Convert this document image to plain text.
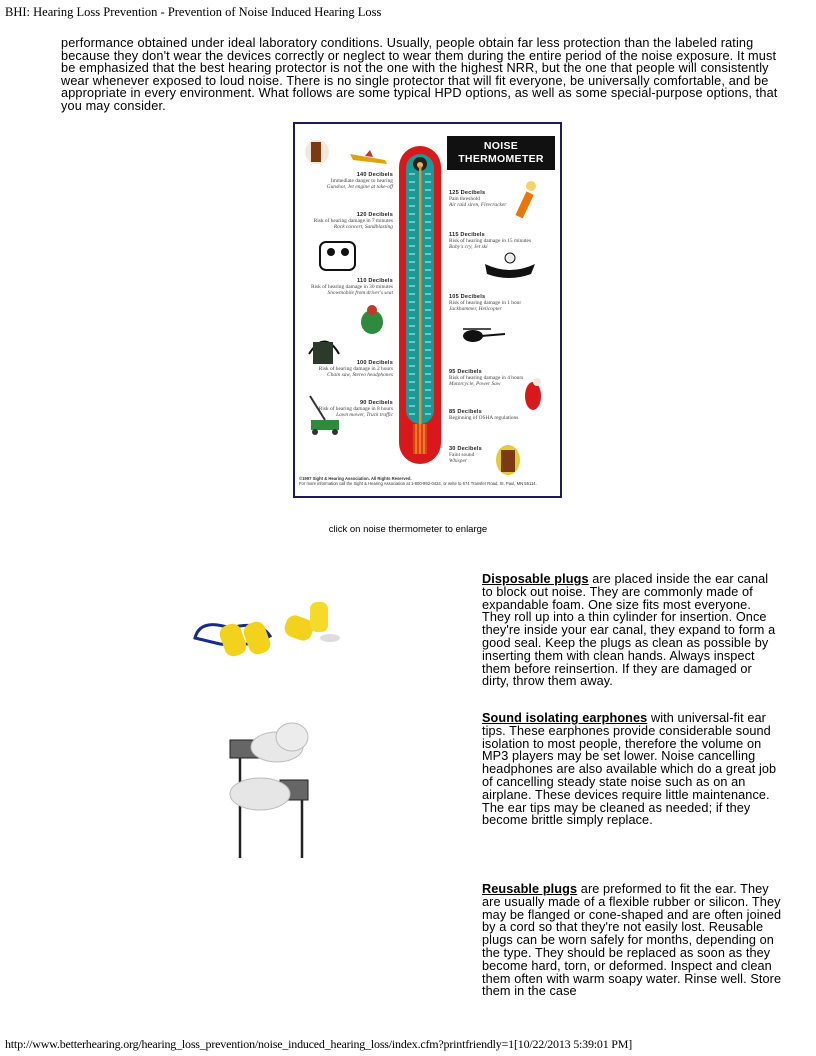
BHI: Hearing Loss Prevention - Prevention of Noise Induced Hearing Loss
performance obtained under ideal laboratory conditions. Usually, people obtain far less protection than the labeled rating because they don't wear the devices correctly or neglect to wear them during the entire period of the noise exposure. It must be emphasized that the best hearing protector is not the one with the highest NRR, but the one that people will consistently wear whenever exposed to loud noise. There is no single protector that will fit everyone, be universally comfortable, and be appropriate in every environment. What follows are some typical HPD options, as well as some special-purpose options, that you may consider.
NOISE
THERMOMETER
140 Decibels
Immediate danger to hearing
Gunshot, Jet engine at take-off
120 Decibels
Risk of hearing damage in 7 minutes
Rock concert, Sandblasting
110 Decibels
Risk of hearing damage in 30 minutes
Snowmobile from driver's seat
100 Decibels
Risk of hearing damage in 2 hours
Chain saw, Stereo headphones
90 Decibels
Risk of hearing damage in 8 hours
Lawn mower, Truck traffic
125 Decibels
Pain threshold
Air raid siren, Firecracker
115 Decibels
Risk of hearing damage in 15 minutes
Baby's cry, Jet ski
105 Decibels
Risk of hearing damage in 1 hour
Jackhammer, Helicopter
95 Decibels
Risk of hearing damage in 4 hours
Motorcycle, Power Saw
85 Decibels
Beginning of OSHA regulations
30 Decibels
Faint sound
Whisper
©1997 Sight & Hearing Association. All Rights Reserved.
For more information call the Sight & Hearing Association at 1-800-992-0424, or write to 674 Transfer Road, St. Paul, MN 55114.
click on noise thermometer to enlarge
Disposable plugs are placed inside the ear canal to block out noise. They are commonly made of expandable foam. One size fits most everyone. They roll up into a thin cylinder for insertion. Once they're inside your ear canal, they expand to form a good seal. Keep the plugs as clean as possible by inserting them with clean hands. Always inspect them before reinsertion. If they are damaged or dirty, throw them away.
Sound isolating earphones with universal-fit ear tips. These earphones provide considerable sound isolation to most people, therefore the volume on MP3 players may be set lower. Noise cancelling headphones are also available which do a great job of cancelling steady state noise such as on an airplane. These devices require little maintenance. The ear tips may be cleaned as needed; if they become brittle simply replace.
Reusable plugs are preformed to fit the ear. They are usually made of a flexible rubber or silicon. They may be flanged or cone-shaped and are often joined by a cord so that they're not easily lost. Reusable plugs can be worn safely for months, depending on the type. They should be replaced as soon as they become hard, torn, or deformed. Inspect and clean them often with warm soapy water. Rinse well. Store them in the case
http://www.betterhearing.org/hearing_loss_prevention/noise_induced_hearing_loss/index.cfm?printfriendly=1[10/22/2013 5:39:01 PM]
